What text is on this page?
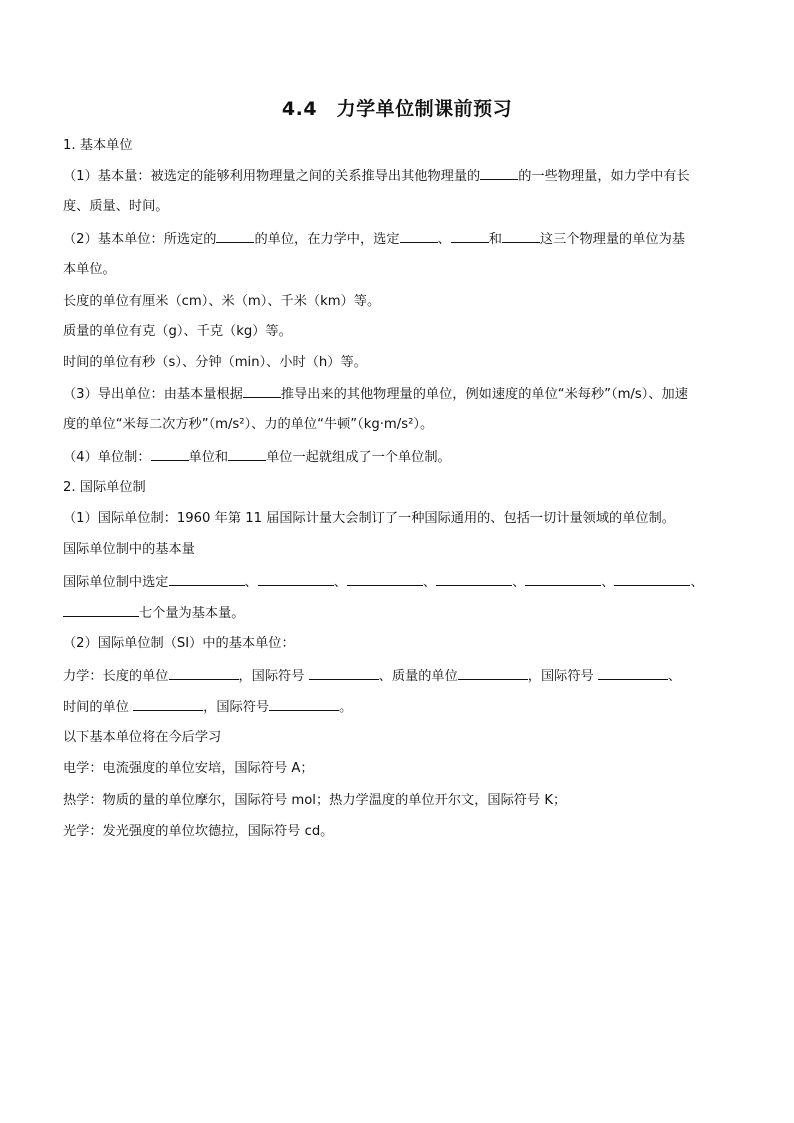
4.4　力学单位制课前预习
1. 基本单位
（1）基本量：被选定的能够利用物理量之间的关系推导出其他物理量的	的一些物理量，如力学中有长
度、质量、时间。
（2）基本单位：所选定的	的单位，在力学中，选定	、	和	这三个物理量的单位为基
本单位。
长度的单位有厘米（cm）、米（m）、千米（km）等。
质量的单位有克（g）、千克（kg）等。
时间的单位有秒（s）、分钟（min）、小时（h）等。
（3）导出单位：由基本量根据	推导出来的其他物理量的单位，例如速度的单位“米每秒”（m/s）、加速
度的单位“米每二次方秒”（m/s²）、力的单位“牛顿”（kg·m/s²）。
（4）单位制：	单位和	单位一起就组成了一个单位制。
2. 国际单位制
（1）国际单位制：1960 年第 11 届国际计量大会制订了一种国际通用的、包括一切计量领域的单位制。
国际单位制中的基本量
国际单位制中选定	、	、	、	、	、	、
七个量为基本量。
（2）国际单位制（SI）中的基本单位：
力学：长度的单位	，国际符号	、质量的单位	，国际符号	、
时间的单位	，国际符号	。
以下基本单位将在今后学习
电学：电流强度的单位安培，国际符号 A；
热学：物质的量的单位摩尔，国际符号 mol；热力学温度的单位开尔文，国际符号 K；
光学：发光强度的单位坎德拉，国际符号 cd。
